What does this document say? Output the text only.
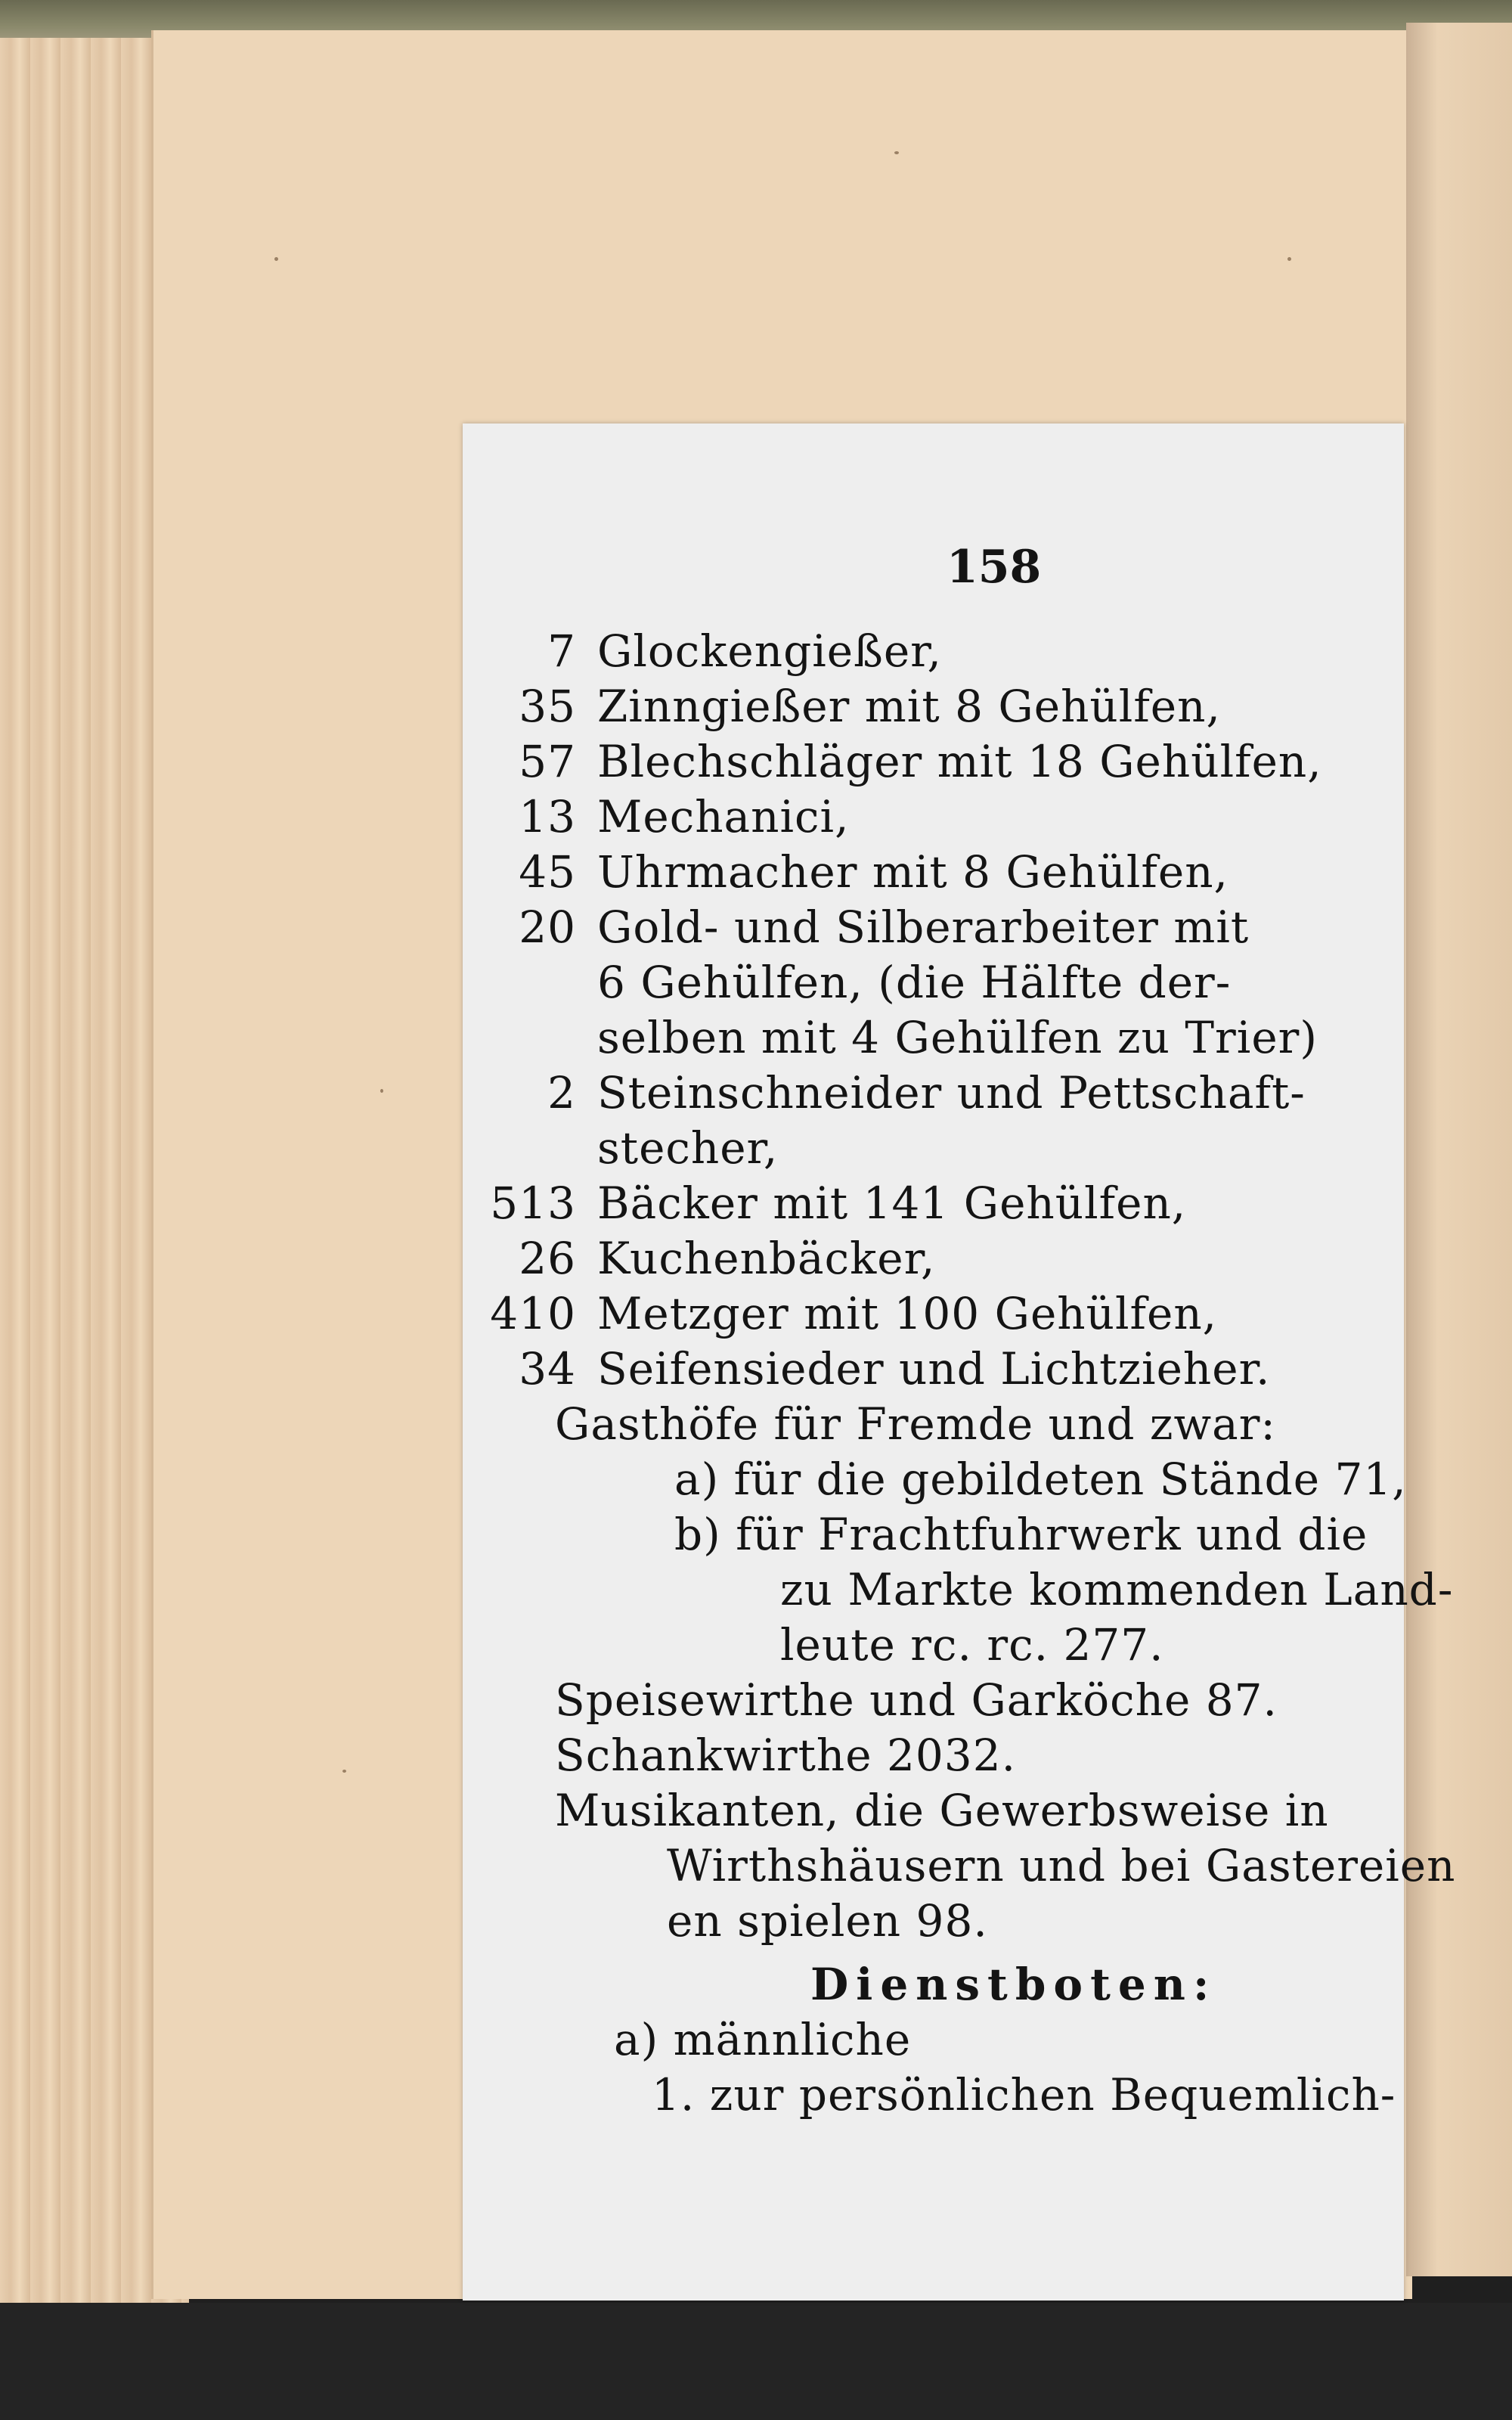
158
7 Glockengießer,
35 Zinngießer mit 8 Gehülfen,
57 Blechschläger mit 18 Gehülfen,
13 Mechanici,
45 Uhrmacher mit 8 Gehülfen,
20 Gold- und Silberarbeiter mit
6 Gehülfen, (die Hälfte der-
selben mit 4 Gehülfen zu Trier)
2 Steinschneider und Pettschaft-
stecher,
513 Bäcker mit 141 Gehülfen,
26 Kuchenbäcker,
410 Metzger mit 100 Gehülfen,
34 Seifensieder und Lichtzieher.
Gasthöfe für Fremde und zwar:
a) für die gebildeten Stände 71,
b) für Frachtfuhrwerk und die
zu Markte kommenden Land-
leute rc. rc. 277.
Speisewirthe und Garköche 87.
Schankwirthe 2032.
Musikanten, die Gewerbsweise in
Wirthshäusern und bei Gastereien
en spielen 98.
Dienstboten:
a) männliche
1. zur persönlichen Bequemlich-
